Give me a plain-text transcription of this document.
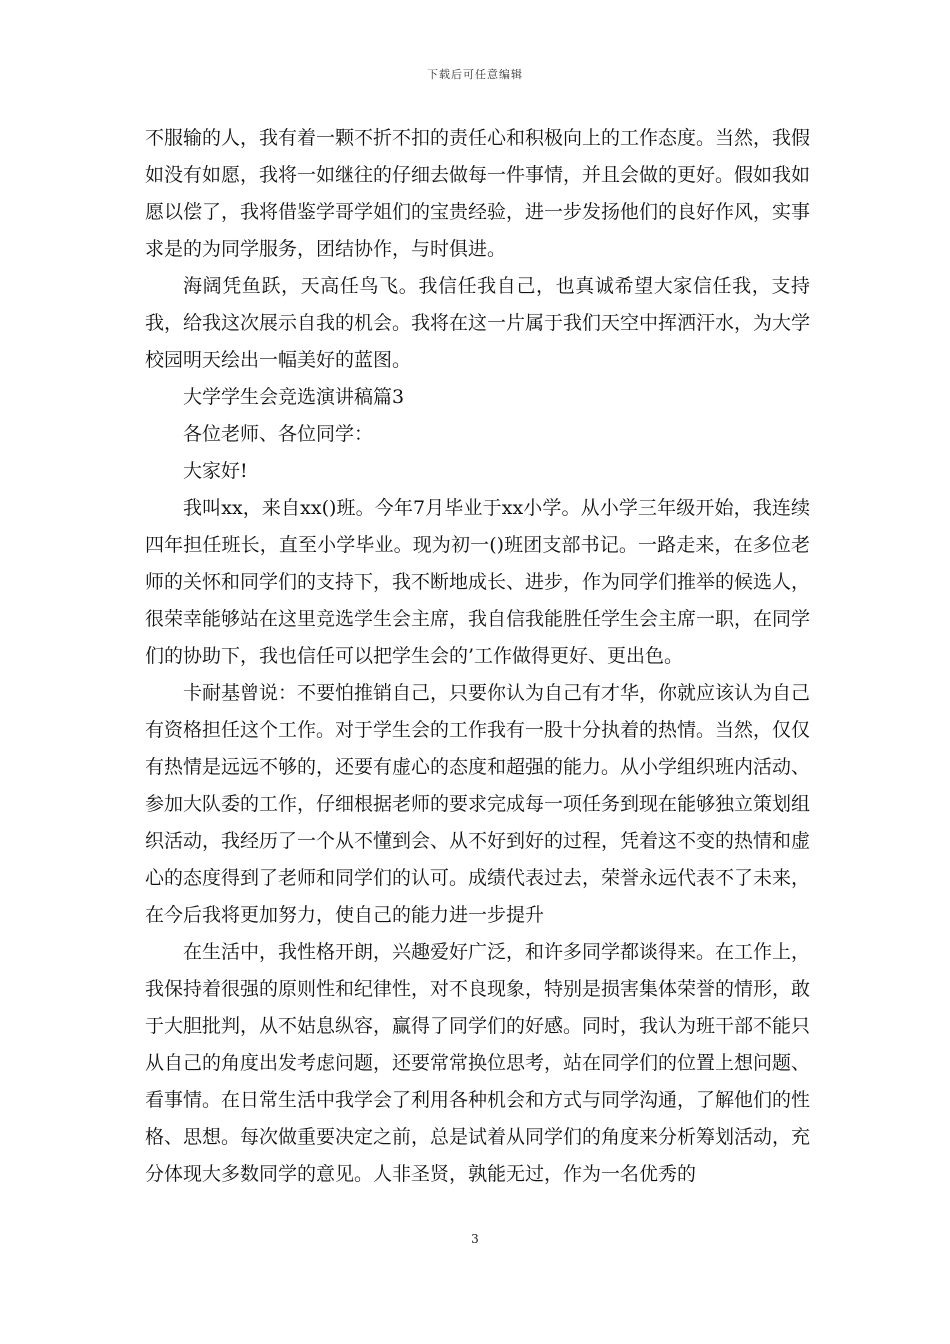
下载后可任意编辑

不服输的人，我有着一颗不折不扣的责任心和积极向上的工作态度。当然，我假如没有如愿，我将一如继往的仔细去做每一件事情，并且会做的更好。假如我如愿以偿了，我将借鉴学哥学姐们的宝贵经验，进一步发扬他们的良好作风，实事求是的为同学服务，团结协作，与时俱进。

海阔凭鱼跃，天高任鸟飞。我信任我自己，也真诚希望大家信任我，支持我，给我这次展示自我的机会。我将在这一片属于我们天空中挥洒汗水，为大学校园明天绘出一幅美好的蓝图。

大学学生会竞选演讲稿篇3

各位老师、各位同学：

大家好!

我叫xx，来自xx()班。今年7月毕业于xx小学。从小学三年级开始，我连续四年担任班长，直至小学毕业。现为初一()班团支部书记。一路走来，在多位老师的关怀和同学们的支持下，我不断地成长、进步，作为同学们推举的候选人，很荣幸能够站在这里竞选学生会主席，我自信我能胜任学生会主席一职，在同学们的协助下，我也信任可以把学生会的’工作做得更好、更出色。

卡耐基曾说：不要怕推销自己，只要你认为自己有才华，你就应该认为自己有资格担任这个工作。对于学生会的工作我有一股十分执着的热情。当然，仅仅有热情是远远不够的，还要有虚心的态度和超强的能力。从小学组织班内活动、参加大队委的工作，仔细根据老师的要求完成每一项任务到现在能够独立策划组织活动，我经历了一个从不懂到会、从不好到好的过程，凭着这不变的热情和虚心的态度得到了老师和同学们的认可。成绩代表过去，荣誉永远代表不了未来，在今后我将更加努力，使自己的能力进一步提升

在生活中，我性格开朗，兴趣爱好广泛，和许多同学都谈得来。在工作上，我保持着很强的原则性和纪律性，对不良现象，特别是损害集体荣誉的情形，敢于大胆批判，从不姑息纵容，赢得了同学们的好感。同时，我认为班干部不能只从自己的角度出发考虑问题，还要常常换位思考，站在同学们的位置上想问题、看事情。在日常生活中我学会了利用各种机会和方式与同学沟通，了解他们的性格、思想。每次做重要决定之前，总是试着从同学们的角度来分析筹划活动，充分体现大多数同学的意见。人非圣贤，孰能无过，作为一名优秀的

3
